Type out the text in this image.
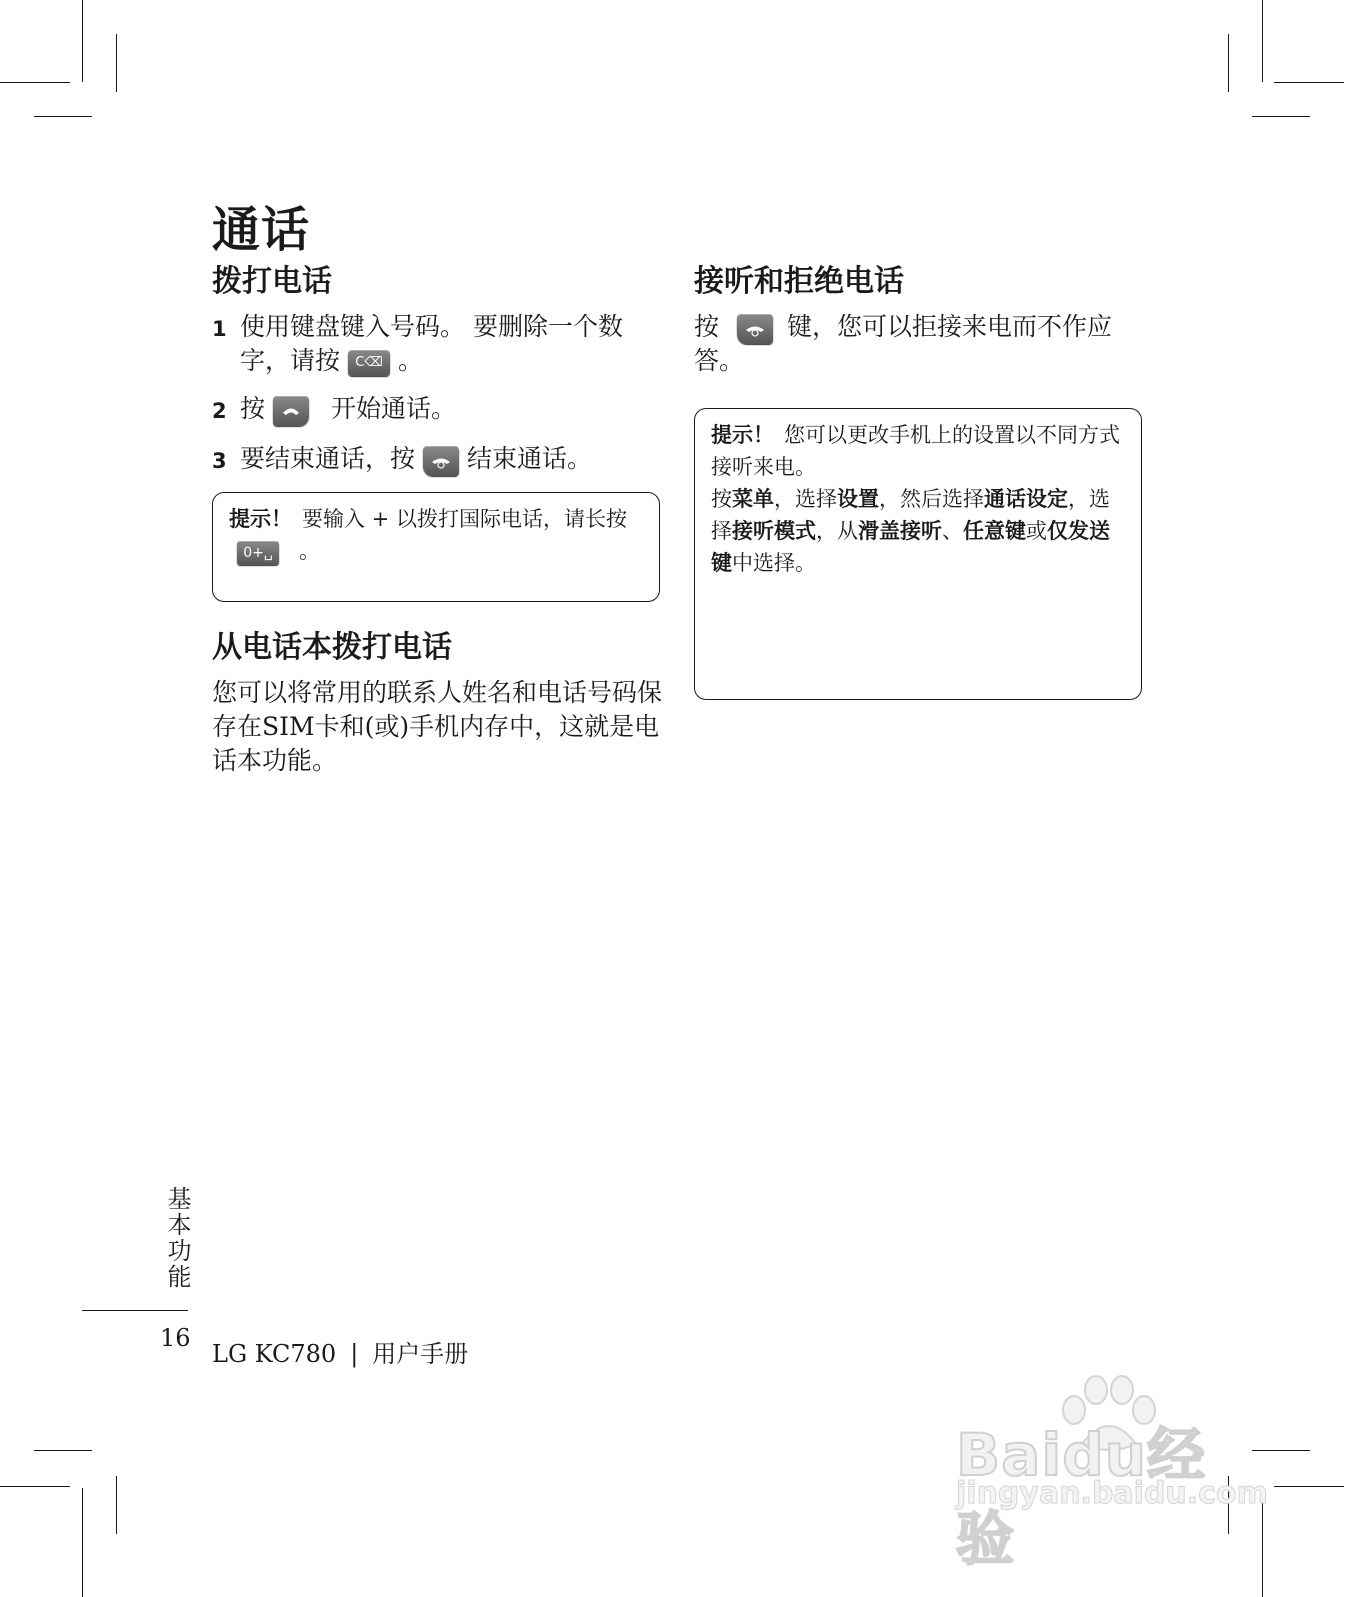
通话
拨打电话
1 使用键盘键入号码。 要删除一个数字，请按 C⌫ 。
2 按	开始通话。
3 要结束通话，按 结束通话。
提示！ 要输入 + 以拨打国际电话，请长按0+␣ 。
从电话本拨打电话

您可以将常用的联系人姓名和电话号码保存在SIM卡和(或)手机内存中，这就是电话本功能。

接听和拒绝电话

按	键，您可以拒接来电而不作应答。

提示！ 您可以更改手机上的设置以不同方式接听来电。
按菜单，选择设置，然后选择通话设定，选择接听模式，从滑盖接听、任意键或仅发送键中选择。
基本功能
16
LG KC780 | 用户手册
Baidu经验
jingyan.baidu.com
